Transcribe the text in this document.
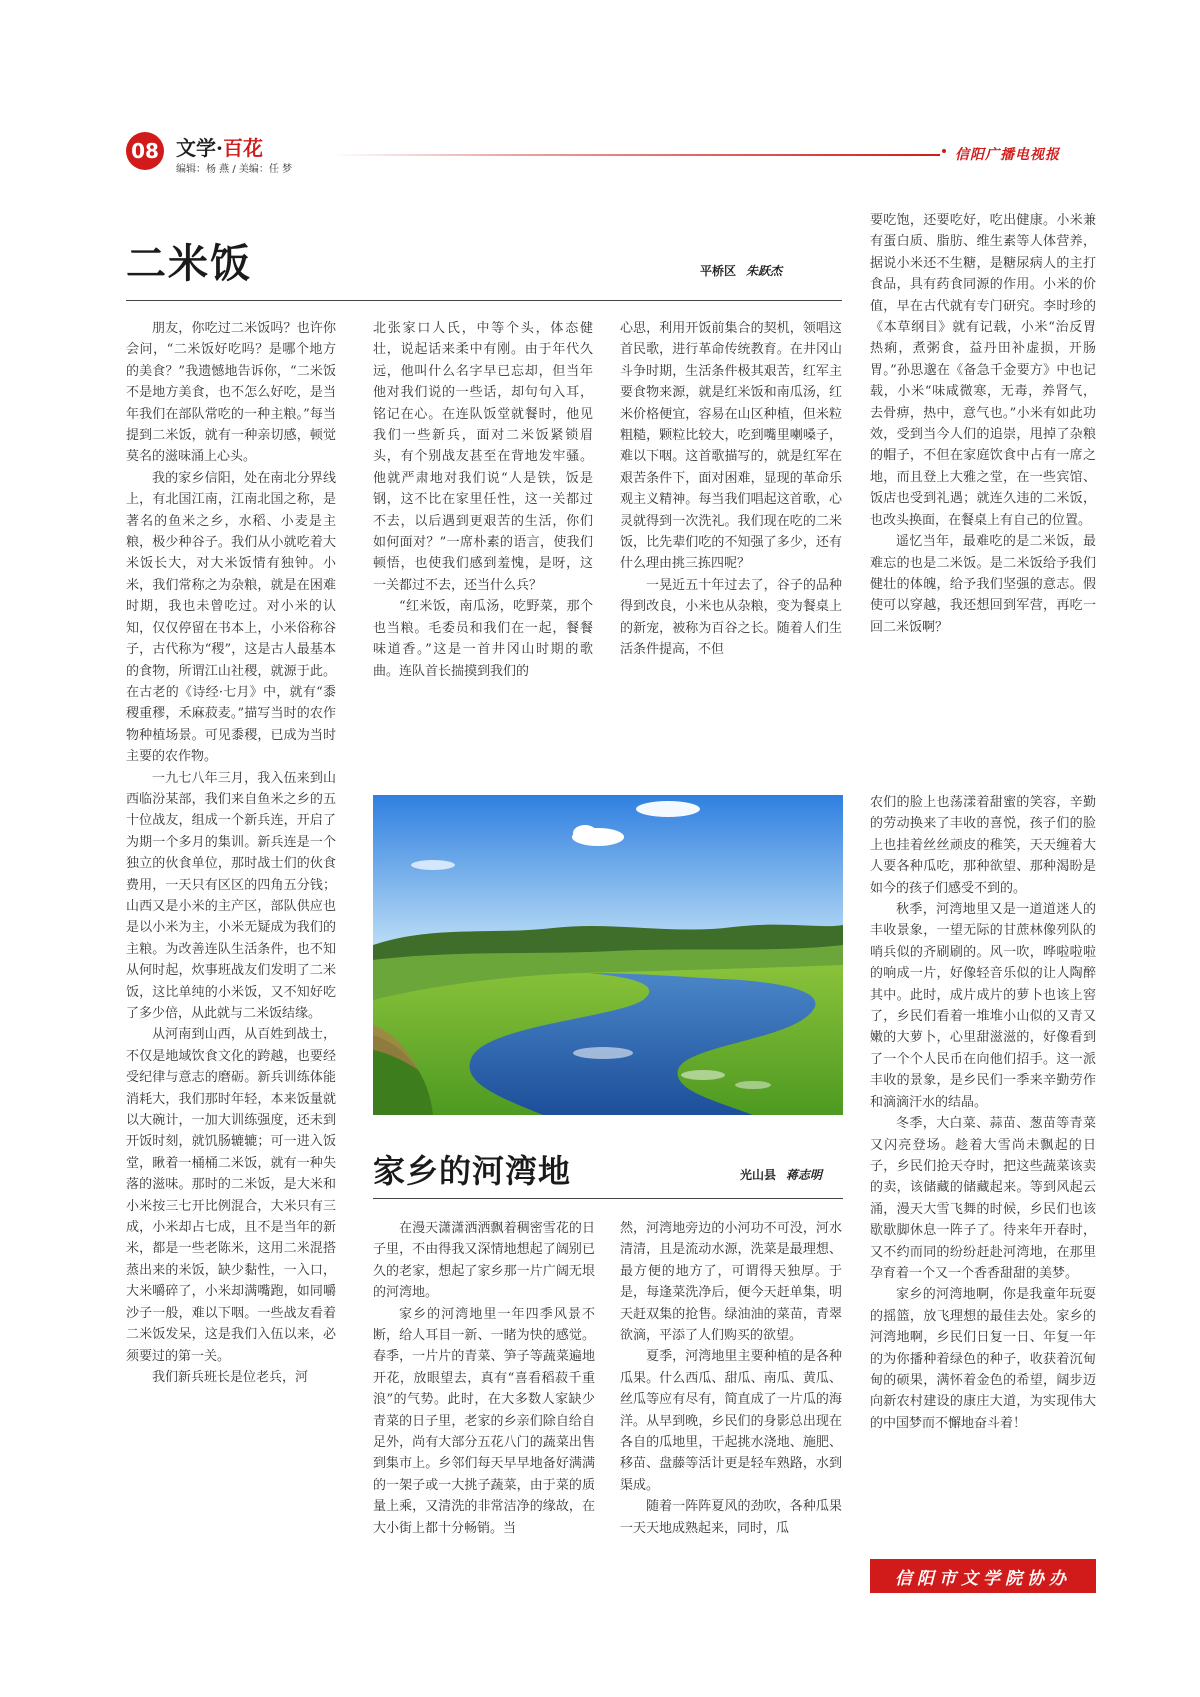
08 文学·百花
编辑：杨 燕 / 美编：任 梦
信阳广播电视报
二米饭	平桥区 朱跃杰

朋友，你吃过二米饭吗？也许你会问，“二米饭好吃吗？是哪个地方的美食？”我遗憾地告诉你，“二米饭不是地方美食，也不怎么好吃，是当年我们在部队常吃的一种主粮。”每当提到二米饭，就有一种亲切感，顿觉莫名的滋味涌上心头。

我的家乡信阳，处在南北分界线上，有北国江南，江南北国之称，是著名的鱼米之乡，水稻、小麦是主粮，极少种谷子。我们从小就吃着大米饭长大，对大米饭情有独钟。小米，我们常称之为杂粮，就是在困难时期，我也未曾吃过。对小米的认知，仅仅停留在书本上，小米俗称谷子，古代称为“稷”，这是古人最基本的食物，所谓江山社稷，就源于此。在古老的《诗经·七月》中，就有“黍稷重穋，禾麻菽麦。”描写当时的农作物种植场景。可见黍稷，已成为当时主要的农作物。

一九七八年三月，我入伍来到山西临汾某部，我们来自鱼米之乡的五十位战友，组成一个新兵连，开启了为期一个多月的集训。新兵连是一个独立的伙食单位，那时战士们的伙食费用，一天只有区区的四角五分钱；山西又是小米的主产区，部队供应也是以小米为主，小米无疑成为我们的主粮。为改善连队生活条件，也不知从何时起，炊事班战友们发明了二米饭，这比单纯的小米饭，又不知好吃了多少倍，从此就与二米饭结缘。

从河南到山西，从百姓到战士，不仅是地域饮食文化的跨越，也要经受纪律与意志的磨砺。新兵训练体能消耗大，我们那时年轻，本来饭量就以大碗计，一加大训练强度，还未到开饭时刻，就饥肠辘辘；可一进入饭堂，瞅着一桶桶二米饭，就有一种失落的滋味。那时的二米饭，是大米和小米按三七开比例混合，大米只有三成，小米却占七成，且不是当年的新米，都是一些老陈米，这用二米混搭蒸出来的米饭，缺少黏性，一入口，大米嚼碎了，小米却满嘴跑，如同嚼沙子一般，难以下咽。一些战友看着二米饭发呆，这是我们入伍以来，必须要过的第一关。

我们新兵班长是位老兵，河

北张家口人氏，中等个头，体态健壮，说起话来柔中有刚。由于年代久远，他叫什么名字早已忘却，但当年他对我们说的一些话，却句句入耳，铭记在心。在连队饭堂就餐时，他见我们一些新兵，面对二米饭紧锁眉头，有个别战友甚至在背地发牢骚。他就严肃地对我们说“人是铁，饭是钢，这不比在家里任性，这一关都过不去，以后遇到更艰苦的生活，你们如何面对？”一席朴素的语言，使我们顿悟，也使我们感到羞愧，是呀，这一关都过不去，还当什么兵？

“红米饭，南瓜汤，吃野菜，那个也当粮。毛委员和我们在一起，餐餐味道香。”这是一首井冈山时期的歌曲。连队首长揣摸到我们的

心思，利用开饭前集合的契机，领唱这首民歌，进行革命传统教育。在井冈山斗争时期，生活条件极其艰苦，红军主要食物来源，就是红米饭和南瓜汤，红米价格便宜，容易在山区种植，但米粒粗糙，颗粒比较大，吃到嘴里喇嗓子，难以下咽。这首歌描写的，就是红军在艰苦条件下，面对困难，显现的革命乐观主义精神。每当我们唱起这首歌，心灵就得到一次洗礼。我们现在吃的二米饭，比先辈们吃的不知强了多少，还有什么理由挑三拣四呢？

一晃近五十年过去了，谷子的品种得到改良，小米也从杂粮，变为餐桌上的新宠，被称为百谷之长。随着人们生活条件提高，不但

要吃饱，还要吃好，吃出健康。小米兼有蛋白质、脂肪、维生素等人体营养，据说小米还不生糖，是糖尿病人的主打食品，具有药食同源的作用。小米的价值，早在古代就有专门研究。李时珍的《本草纲目》就有记载，小米“治反胃热痢，煮粥食，益丹田补虚损，开肠胃。”孙思邈在《备急千金要方》中也记载，小米“味咸微寒，无毒，养肾气，去骨痹，热中，意气也。”小米有如此功效，受到当今人们的追崇，甩掉了杂粮的帽子，不但在家庭饮食中占有一席之地，而且登上大雅之堂，在一些宾馆、饭店也受到礼遇；就连久违的二米饭，也改头换面，在餐桌上有自己的位置。

遥忆当年，最难吃的是二米饭，最难忘的也是二米饭。是二米饭给予我们健壮的体魄，给予我们坚强的意志。假使可以穿越，我还想回到军营，再吃一回二米饭啊？

家乡的河湾地	光山县 蒋志明

在漫天潇潇洒洒飘着稠密雪花的日子里，不由得我又深情地想起了阔别已久的老家，想起了家乡那一片广阔无垠的河湾地。

家乡的河湾地里一年四季风景不断，给人耳目一新、一睹为快的感觉。春季，一片片的青菜、笋子等蔬菜遍地开花，放眼望去，真有“喜看稻菽千重浪”的气势。此时，在大多数人家缺少青菜的日子里，老家的乡亲们除自给自足外，尚有大部分五花八门的蔬菜出售到集市上。乡邻们每天早早地备好满满的一架子或一大挑子蔬菜，由于菜的质量上乘，又清洗的非常洁净的缘故，在大小街上都十分畅销。当

然，河湾地旁边的小河功不可没，河水清清，且是流动水源，洗菜是最理想、最方便的地方了，可谓得天独厚。于是，每逢菜洗净后，便今天赶单集，明天赶双集的抢售。绿油油的菜苗，青翠欲滴，平添了人们购买的欲望。

夏季，河湾地里主要种植的是各种瓜果。什么西瓜、甜瓜、南瓜、黄瓜、丝瓜等应有尽有，简直成了一片瓜的海洋。从早到晚，乡民们的身影总出现在各自的瓜地里，干起挑水浇地、施肥、移苗、盘藤等活计更是轻车熟路，水到渠成。

随着一阵阵夏风的劲吹，各种瓜果一天天地成熟起来，同时，瓜

农们的脸上也荡漾着甜蜜的笑容，辛勤的劳动换来了丰收的喜悦，孩子们的脸上也挂着丝丝顽皮的稚笑，天天缠着大人要各种瓜吃，那种欲望、那种渴盼是如今的孩子们感受不到的。

秋季，河湾地里又是一道道迷人的丰收景象，一望无际的甘蔗林像列队的哨兵似的齐刷刷的。风一吹，哗啦啦啦的响成一片，好像轻音乐似的让人陶醉其中。此时，成片成片的萝卜也该上窖了，乡民们看着一堆堆小山似的又青又嫩的大萝卜，心里甜滋滋的，好像看到了一个个人民币在向他们招手。这一派丰收的景象，是乡民们一季来辛勤劳作和滴滴汗水的结晶。

冬季，大白菜、蒜苗、葱苗等青菜又闪亮登场。趁着大雪尚未飘起的日子，乡民们抢天夺时，把这些蔬菜该卖的卖，该储藏的储藏起来。等到风起云涌，漫天大雪飞舞的时候，乡民们也该歇歇脚休息一阵子了。待来年开春时，又不约而同的纷纷赶赴河湾地，在那里孕育着一个又一个香香甜甜的美梦。

家乡的河湾地啊，你是我童年玩耍的摇篮，放飞理想的最佳去处。家乡的河湾地啊，乡民们日复一日、年复一年的为你播种着绿色的种子，收获着沉甸甸的硕果，满怀着金色的希望，阔步迈向新农村建设的康庄大道，为实现伟大的中国梦而不懈地奋斗着！

信阳市文学院协办
